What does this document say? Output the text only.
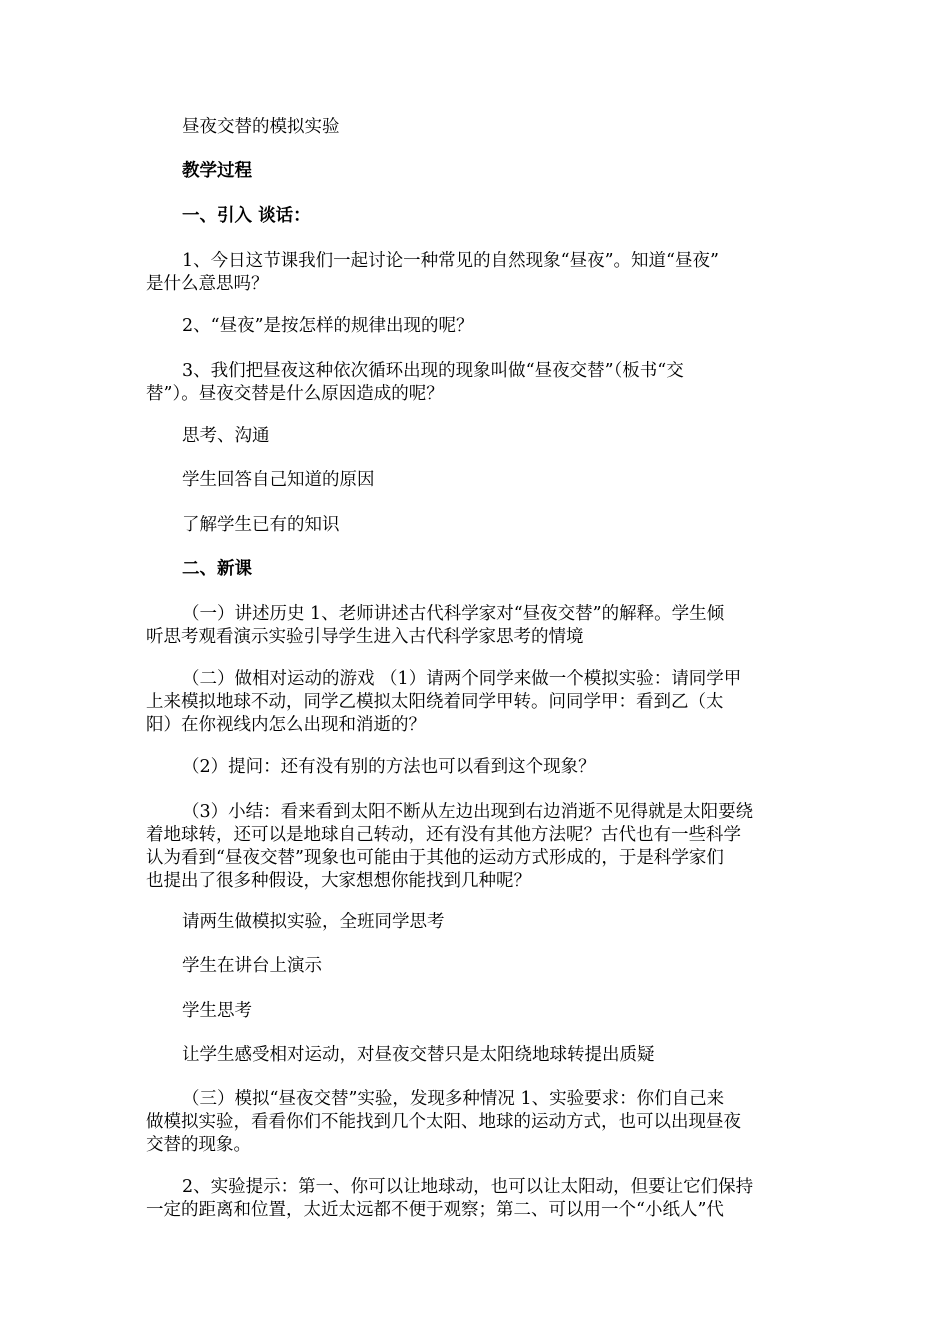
昼夜交替的模拟实验
教学过程
一、引入 谈话：
1、今日这节课我们一起讨论一种常见的自然现象“昼夜”。知道“昼夜”
是什么意思吗？
2、“昼夜”是按怎样的规律出现的呢？
3、我们把昼夜这种依次循环出现的现象叫做“昼夜交替”（板书“交
替”）。昼夜交替是什么原因造成的呢？
思考、沟通
学生回答自己知道的原因
了解学生已有的知识
二、新课
（一）讲述历史 1、老师讲述古代科学家对“昼夜交替”的解释。学生倾
听思考观看演示实验引导学生进入古代科学家思考的情境
（二）做相对运动的游戏 （1）请两个同学来做一个模拟实验：请同学甲
上来模拟地球不动，同学乙模拟太阳绕着同学甲转。问同学甲：看到乙（太
阳）在你视线内怎么出现和消逝的？
（2）提问：还有没有别的方法也可以看到这个现象？
（3）小结：看来看到太阳不断从左边出现到右边消逝不见得就是太阳要绕
着地球转，还可以是地球自己转动，还有没有其他方法呢？古代也有一些科学
认为看到“昼夜交替”现象也可能由于其他的运动方式形成的，于是科学家们
也提出了很多种假设，大家想想你能找到几种呢？
请两生做模拟实验，全班同学思考
学生在讲台上演示
学生思考
让学生感受相对运动，对昼夜交替只是太阳绕地球转提出质疑
（三）模拟“昼夜交替”实验，发现多种情况 1、实验要求：你们自己来
做模拟实验，看看你们不能找到几个太阳、地球的运动方式，也可以出现昼夜
交替的现象。
2、实验提示：第一、你可以让地球动，也可以让太阳动，但要让它们保持
一定的距离和位置，太近太远都不便于观察；第二、可以用一个“小纸人”代
